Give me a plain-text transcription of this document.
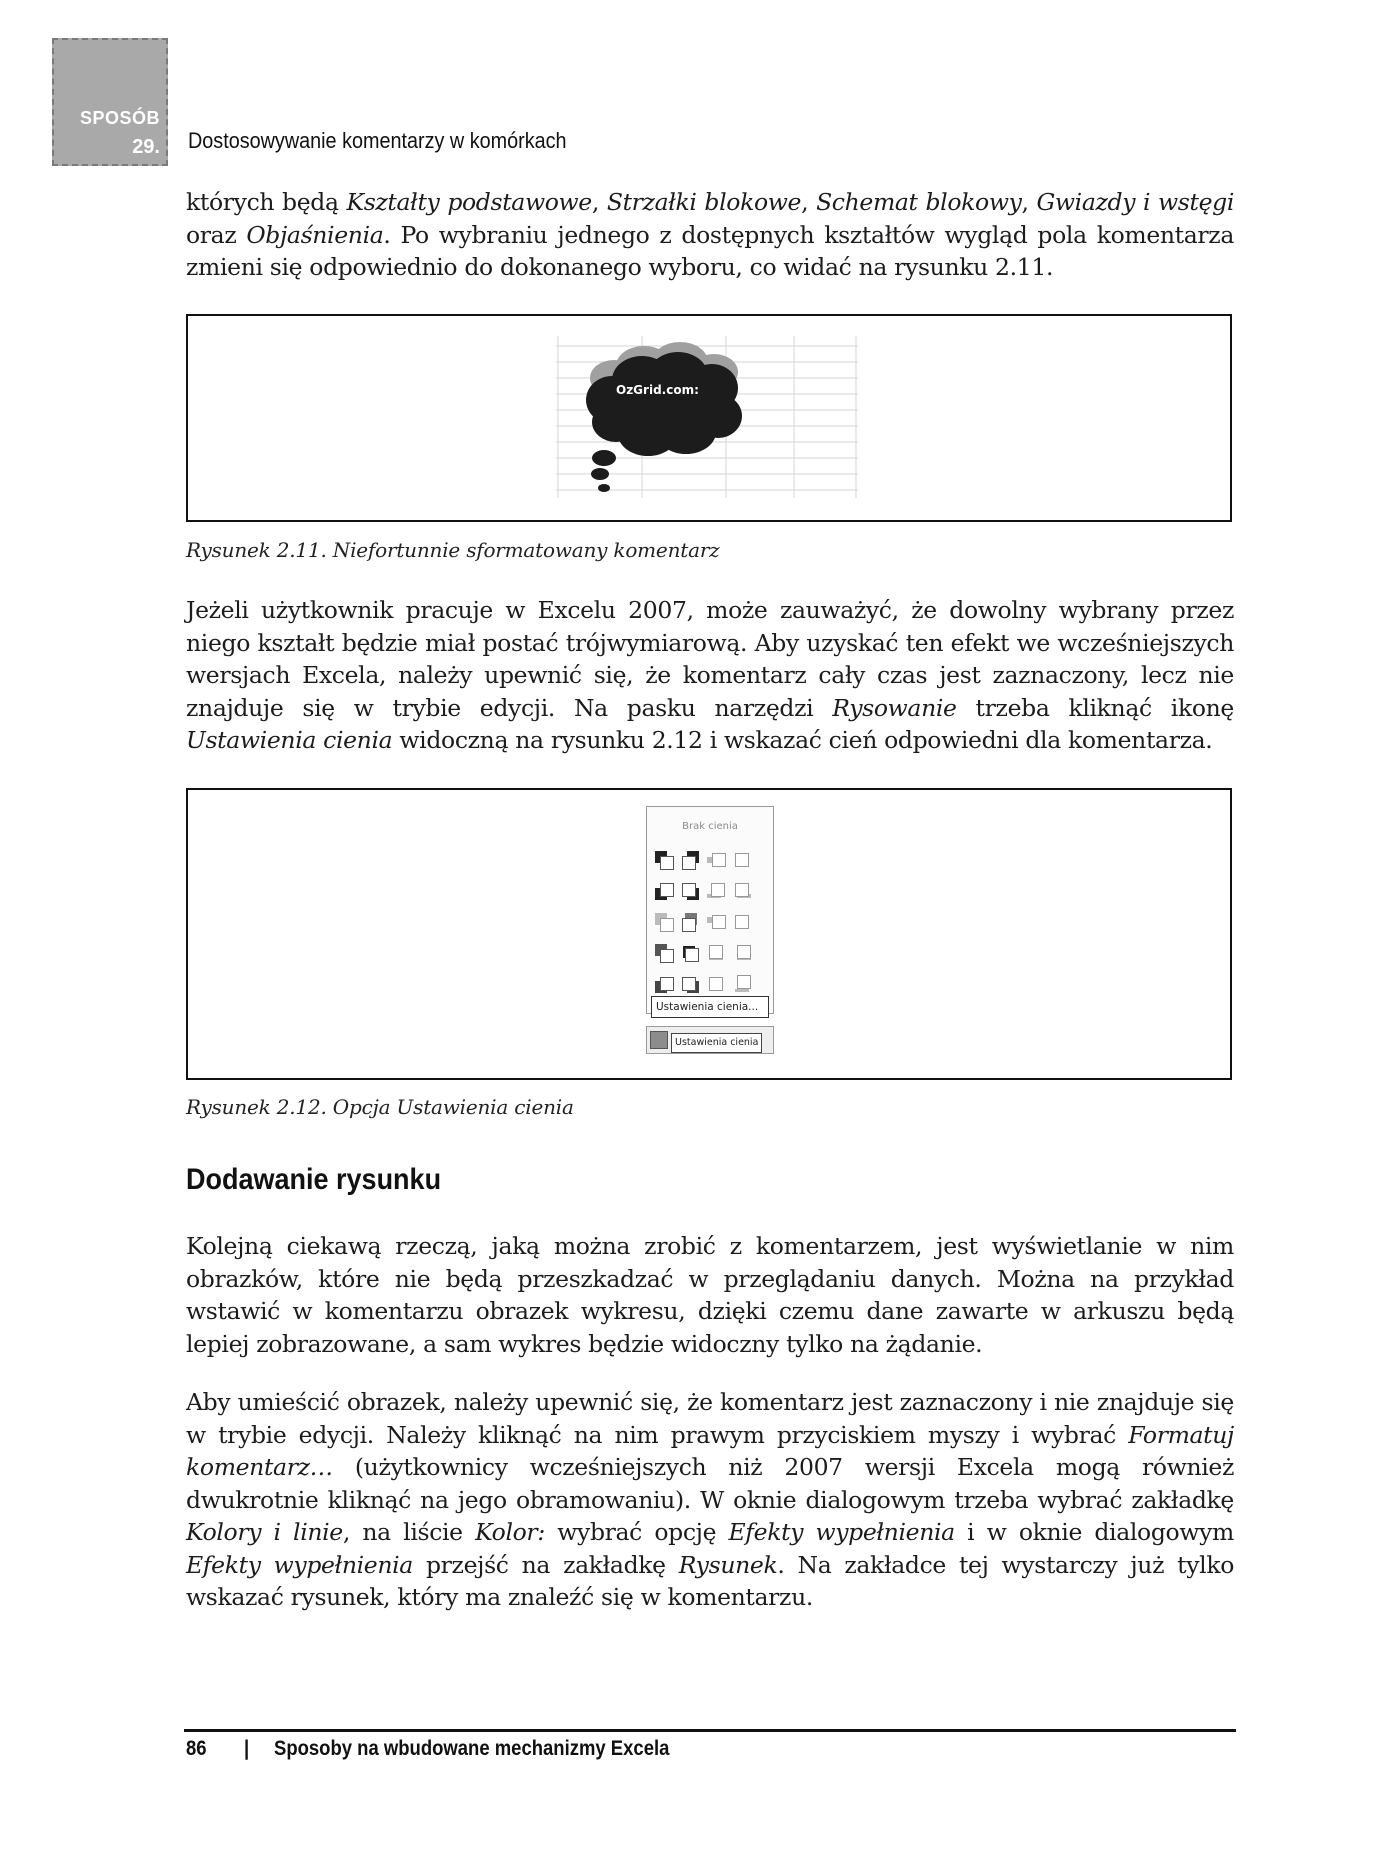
SPOSÓB
29. Dostosowywanie komentarzy w komórkach
których będą Kształty podstawowe, Strzałki blokowe, Schemat blokowy, Gwiazdy i wstęgi oraz Objaśnienia. Po wybraniu jednego z dostępnych kształtów wygląd pola komentarza zmieni się odpowiednio do dokonanego wyboru, co widać na rysunku 2.11.
OzGrid.com:
Rysunek 2.11. Niefortunnie sformatowany komentarz
Jeżeli użytkownik pracuje w Excelu 2007, może zauważyć, że dowolny wybrany przez niego kształt będzie miał postać trójwymiarową. Aby uzyskać ten efekt we wcześniejszych wersjach Excela, należy upewnić się, że komentarz cały czas jest zaznaczony, lecz nie znajduje się w trybie edycji. Na pasku narzędzi Rysowanie trzeba kliknąć ikonę Ustawienia cienia widoczną na rysunku 2.12 i wskazać cień odpowiedni dla komentarza.
Brak cienia
Ustawienia cienia...
Ustawienia cienia
Rysunek 2.12. Opcja Ustawienia cienia
Dodawanie rysunku
Kolejną ciekawą rzeczą, jaką można zrobić z komentarzem, jest wyświetlanie w nim obrazków, które nie będą przeszkadzać w przeglądaniu danych. Można na przykład wstawić w komentarzu obrazek wykresu, dzięki czemu dane zawarte w arkuszu będą lepiej zobrazowane, a sam wykres będzie widoczny tylko na żądanie.
Aby umieścić obrazek, należy upewnić się, że komentarz jest zaznaczony i nie znajduje się w trybie edycji. Należy kliknąć na nim prawym przyciskiem myszy i wybrać Formatuj komentarz… (użytkownicy wcześniejszych niż 2007 wersji Excela mogą również dwukrotnie kliknąć na jego obramowaniu). W oknie dialogowym trzeba wybrać zakładkę Kolory i linie, na liście Kolor: wybrać opcję Efekty wypełnienia i w oknie dialogowym Efekty wypełnienia przejść na zakładkę Rysunek. Na zakładce tej wystarczy już tylko wskazać rysunek, który ma znaleźć się w komentarzu.
86 | Sposoby na wbudowane mechanizmy Excela
